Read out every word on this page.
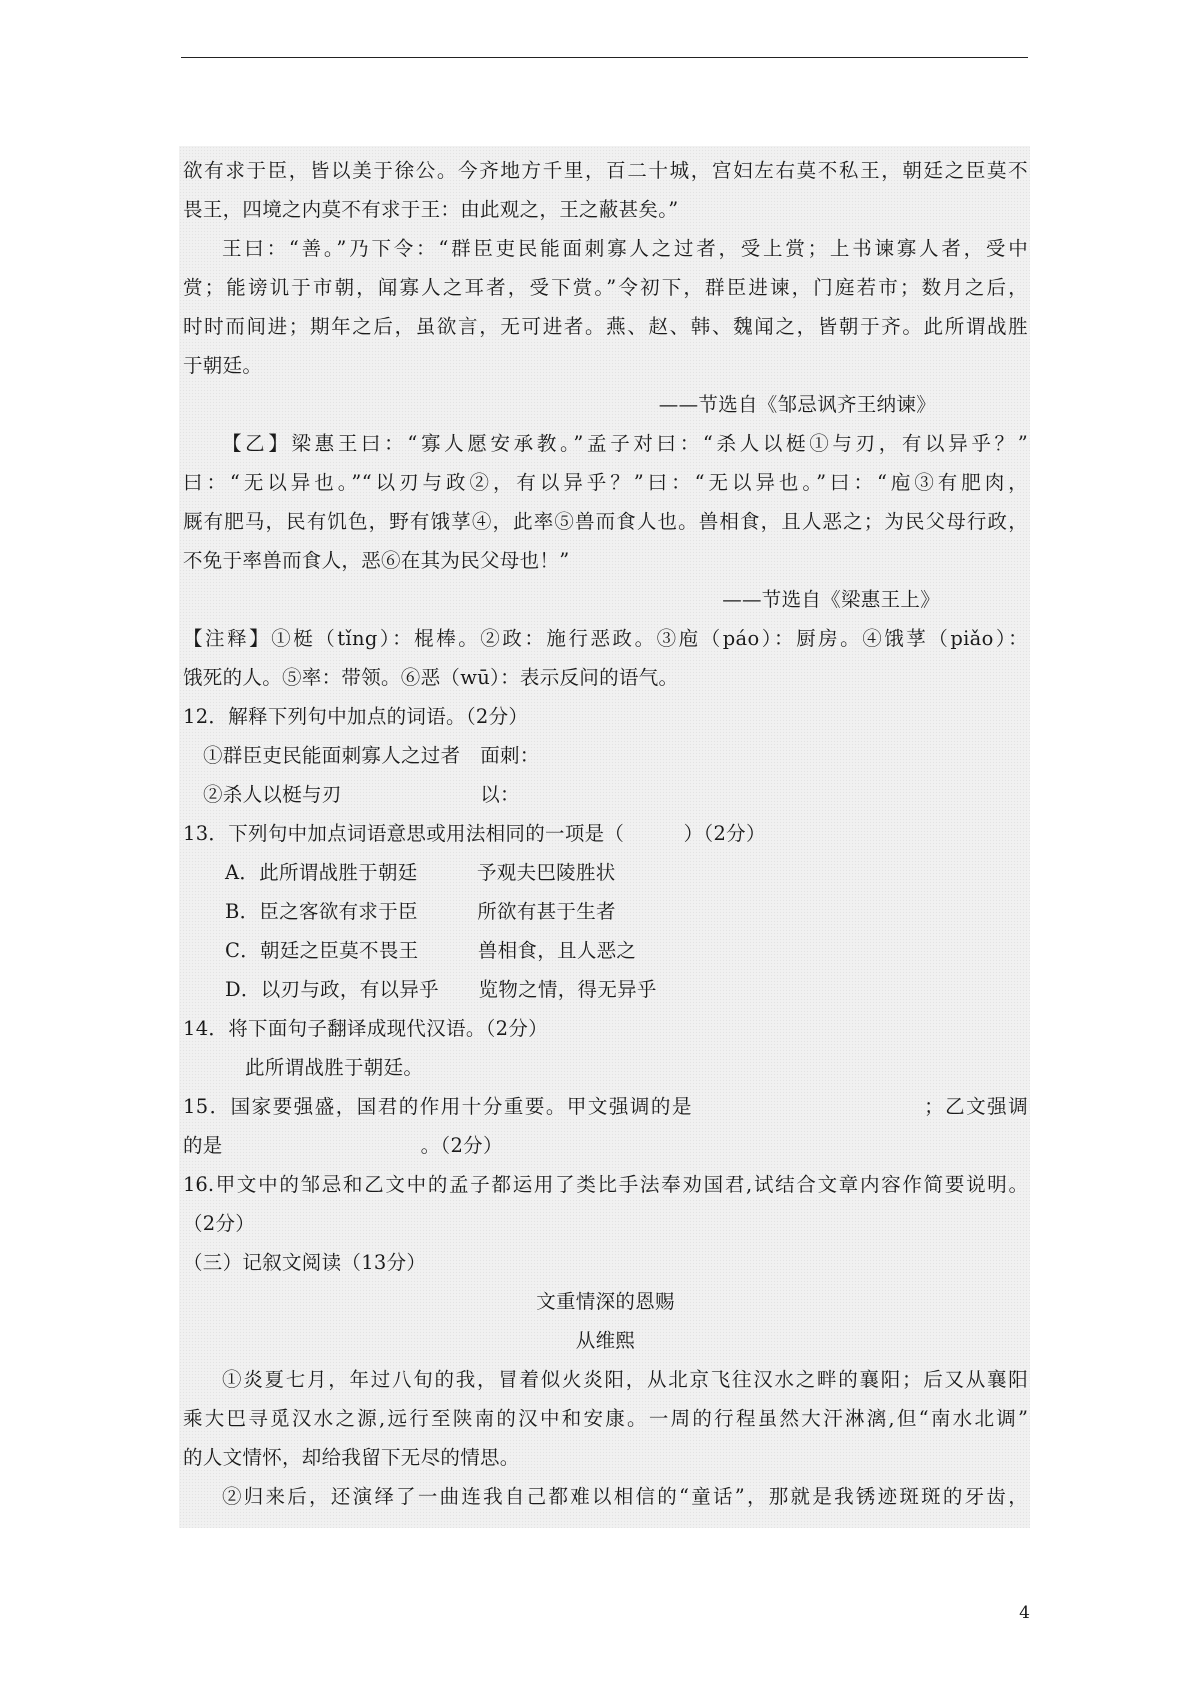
欲有求于臣，皆以美于徐公。今齐地方千里，百二十城，宫妇左右莫不私王，朝廷之臣莫不
畏王，四境之内莫不有求于王：由此观之，王之蔽甚矣。”
王曰：“善。”乃下令：“群臣吏民能面刺寡人之过者，受上赏；上书谏寡人者，受中
赏；能谤讥于市朝，闻寡人之耳者，受下赏。”令初下，群臣进谏，门庭若市；数月之后，
时时而间进；期年之后，虽欲言，无可进者。燕、赵、韩、魏闻之，皆朝于齐。此所谓战胜
于朝廷。
——节选自《邹忌讽齐王纳谏》
【乙】梁惠王曰：“寡人愿安承教。”孟子对曰：“杀人以梃①与刃，有以异乎？”
曰：“无以异也。”“以刃与政②，有以异乎？”曰：“无以异也。”曰：“庖③有肥肉，
厩有肥马，民有饥色，野有饿莩④，此率⑤兽而食人也。兽相食，且人恶之；为民父母行政，
不免于率兽而食人，恶⑥在其为民父母也！”
——节选自《梁惠王上》
【注释】①梃（tǐng）：棍棒。②政：施行恶政。③庖（páo）：厨房。④饿莩（piǎo）：
饿死的人。⑤率：带领。⑥恶（wū）：表示反问的语气。
12．解释下列句中加点的词语。（2分）
①群臣吏民能面刺寡人之过者　面刺：
②杀人以梃与刃　　　　　　　以：
13．下列句中加点词语意思或用法相同的一项是（　　　）（2分）
A．此所谓战胜于朝廷　　　予观夫巴陵胜状
B．臣之客欲有求于臣　　　所欲有甚于生者
C．朝廷之臣莫不畏王　　　兽相食，且人恶之
D．以刃与政，有以异乎　　览物之情，得无异乎
14．将下面句子翻译成现代汉语。（2分）
此所谓战胜于朝廷。
15．国家要强盛，国君的作用十分重要。甲文强调的是　　　　　　　　　　　；乙文强调
的是　　　　　　　　　　。（2分）
16.甲文中的邹忌和乙文中的孟子都运用了类比手法奉劝国君,试结合文章内容作简要说明。
（2分）
（三）记叙文阅读（13分）
文重情深的恩赐
从维熙
①炎夏七月，年过八旬的我，冒着似火炎阳，从北京飞往汉水之畔的襄阳；后又从襄阳
乘大巴寻觅汉水之源,远行至陕南的汉中和安康。一周的行程虽然大汗淋漓,但“南水北调”
的人文情怀，却给我留下无尽的情思。
②归来后，还演绎了一曲连我自己都难以相信的“童话”，那就是我锈迹斑斑的牙齿，
4
